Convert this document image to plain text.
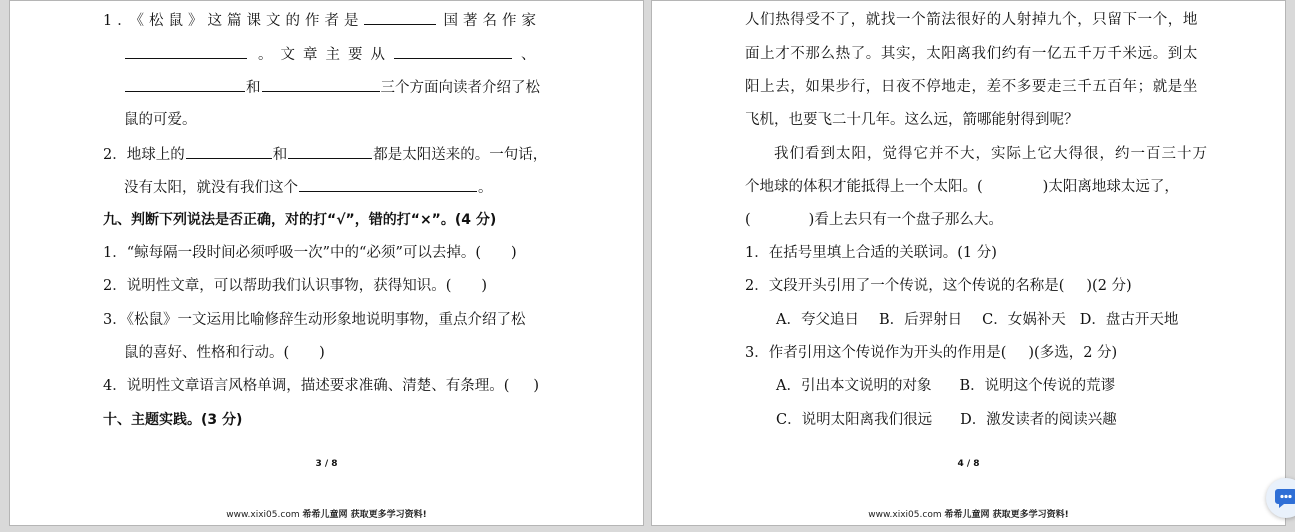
1．《松鼠》这篇课文的作者是	国著名作家
。文章主要从	、
和	三个方面向读者介绍了松
鼠的可爱。
2．地球上的	和	都是太阳送来的。一句话，
没有太阳，就没有我们这个	。
九、判断下列说法是否正确，对的打“√”，错的打“×”。(4 分)
1．“鲸每隔一段时间必须呼吸一次”中的“必须”可以去掉。( )
2．说明性文章，可以帮助我们认识事物，获得知识。( )
3．《松鼠》一文运用比喻修辞生动形象地说明事物，重点介绍了松
鼠的喜好、性格和行动。( )
4．说明性文章语言风格单调，描述要求准确、清楚、有条理。( )
十、主题实践。(3 分)
3 / 8
www.xixi05.com 希希儿童网 获取更多学习资料!
人们热得受不了，就找一个箭法很好的人射掉九个，只留下一个，地
面上才不那么热了。其实，太阳离我们约有一亿五千万千米远。到太
阳上去，如果步行，日夜不停地走，差不多要走三千五百年；就是坐
飞机，也要飞二十几年。这么远，箭哪能射得到呢？
我们看到太阳，觉得它并不大，实际上它大得很，约一百三十万
个地球的体积才能抵得上一个太阳。(	)太阳离地球太远了，
(	)看上去只有一个盘子那么大。
1．在括号里填上合适的关联词。(1 分)
2．文段开头引用了一个传说，这个传说的名称是( )(2 分)
A．夸父追日 B．后羿射日 C．女娲补天 D．盘古开天地
3．作者引用这个传说作为开头的作用是( )(多选，2 分)
A．引出本文说明的对象 B．说明这个传说的荒谬
C．说明太阳离我们很远 D．激发读者的阅读兴趣
4 / 8
www.xixi05.com 希希儿童网 获取更多学习资料!
